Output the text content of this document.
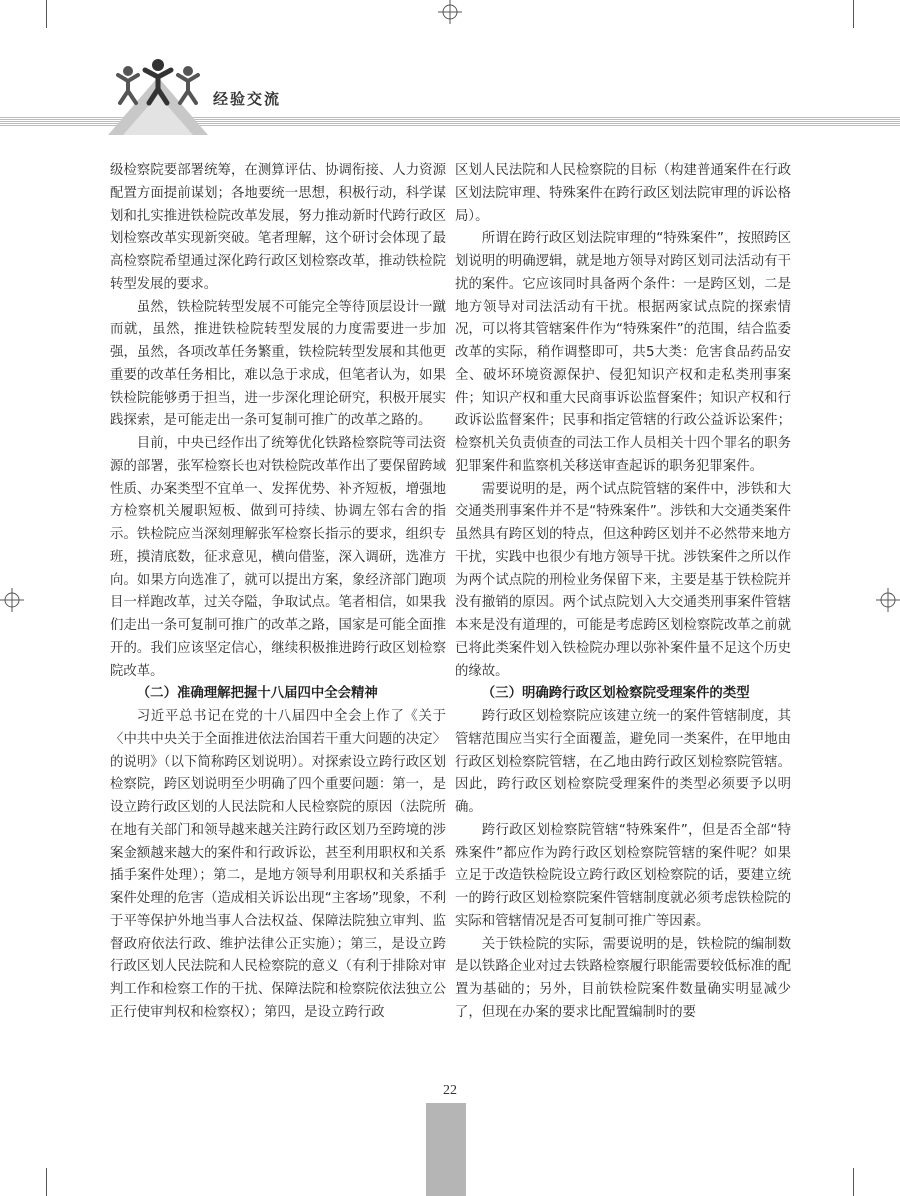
经验交流

级检察院要部署统筹，在测算评估、协调衔接、人力资源配置方面提前谋划；各地要统一思想，积极行动，科学谋划和扎实推进铁检院改革发展，努力推动新时代跨行政区划检察改革实现新突破。笔者理解，这个研讨会体现了最高检察院希望通过深化跨行政区划检察改革，推动铁检院转型发展的要求。

虽然，铁检院转型发展不可能完全等待顶层设计一蹴而就，虽然，推进铁检院转型发展的力度需要进一步加强，虽然，各项改革任务繁重，铁检院转型发展和其他更重要的改革任务相比，难以急于求成，但笔者认为，如果铁检院能够勇于担当，进一步深化理论研究，积极开展实践探索，是可能走出一条可复制可推广的改革之路的。

目前，中央已经作出了统筹优化铁路检察院等司法资源的部署，张军检察长也对铁检院改革作出了要保留跨域性质、办案类型不宜单一、发挥优势、补齐短板，增强地方检察机关履职短板、做到可持续、协调左邻右舍的指示。铁检院应当深刻理解张军检察长指示的要求，组织专班，摸清底数，征求意见，横向借鉴，深入调研，选准方向。如果方向选准了，就可以提出方案，象经济部门跑项目一样跑改革，过关夺隘，争取试点。笔者相信，如果我们走出一条可复制可推广的改革之路，国家是可能全面推开的。我们应该坚定信心，继续积极推进跨行政区划检察院改革。

（二）准确理解把握十八届四中全会精神

习近平总书记在党的十八届四中全会上作了《关于〈中共中央关于全面推进依法治国若干重大问题的决定〉的说明》（以下简称跨区划说明）。对探索设立跨行政区划检察院，跨区划说明至少明确了四个重要问题：第一，是设立跨行政区划的人民法院和人民检察院的原因（法院所在地有关部门和领导越来越关注跨行政区划乃至跨境的涉案金额越来越大的案件和行政诉讼，甚至利用职权和关系插手案件处理）；第二，是地方领导利用职权和关系插手案件处理的危害（造成相关诉讼出现“主客场”现象，不利于平等保护外地当事人合法权益、保障法院独立审判、监督政府依法行政、维护法律公正实施）；第三，是设立跨行政区划人民法院和人民检察院的意义（有利于排除对审判工作和检察工作的干扰、保障法院和检察院依法独立公正行使审判权和检察权）；第四，是设立跨行政

区划人民法院和人民检察院的目标（构建普通案件在行政区划法院审理、特殊案件在跨行政区划法院审理的诉讼格局）。

所谓在跨行政区划法院审理的“特殊案件”，按照跨区划说明的明确逻辑，就是地方领导对跨区划司法活动有干扰的案件。它应该同时具备两个条件：一是跨区划，二是地方领导对司法活动有干扰。根据两家试点院的探索情况，可以将其管辖案件作为“特殊案件”的范围，结合监委改革的实际，稍作调整即可，共5大类：危害食品药品安全、破坏环境资源保护、侵犯知识产权和走私类刑事案件；知识产权和重大民商事诉讼监督案件；知识产权和行政诉讼监督案件；民事和指定管辖的行政公益诉讼案件；检察机关负责侦查的司法工作人员相关十四个罪名的职务犯罪案件和监察机关移送审查起诉的职务犯罪案件。

需要说明的是，两个试点院管辖的案件中，涉铁和大交通类刑事案件并不是“特殊案件”。涉铁和大交通类案件虽然具有跨区划的特点，但这种跨区划并不必然带来地方干扰，实践中也很少有地方领导干扰。涉铁案件之所以作为两个试点院的刑检业务保留下来，主要是基于铁检院并没有撤销的原因。两个试点院划入大交通类刑事案件管辖本来是没有道理的，可能是考虑跨区划检察院改革之前就已将此类案件划入铁检院办理以弥补案件量不足这个历史的缘故。

（三）明确跨行政区划检察院受理案件的类型

跨行政区划检察院应该建立统一的案件管辖制度，其管辖范围应当实行全面覆盖，避免同一类案件，在甲地由行政区划检察院管辖，在乙地由跨行政区划检察院管辖。因此，跨行政区划检察院受理案件的类型必须要予以明确。

跨行政区划检察院管辖“特殊案件”，但是否全部“特殊案件”都应作为跨行政区划检察院管辖的案件呢？如果立足于改造铁检院设立跨行政区划检察院的话，要建立统一的跨行政区划检察院案件管辖制度就必须考虑铁检院的实际和管辖情况是否可复制可推广等因素。

关于铁检院的实际，需要说明的是，铁检院的编制数是以铁路企业对过去铁路检察履行职能需要较低标准的配置为基础的；另外，目前铁检院案件数量确实明显减少了，但现在办案的要求比配置编制时的要

22
